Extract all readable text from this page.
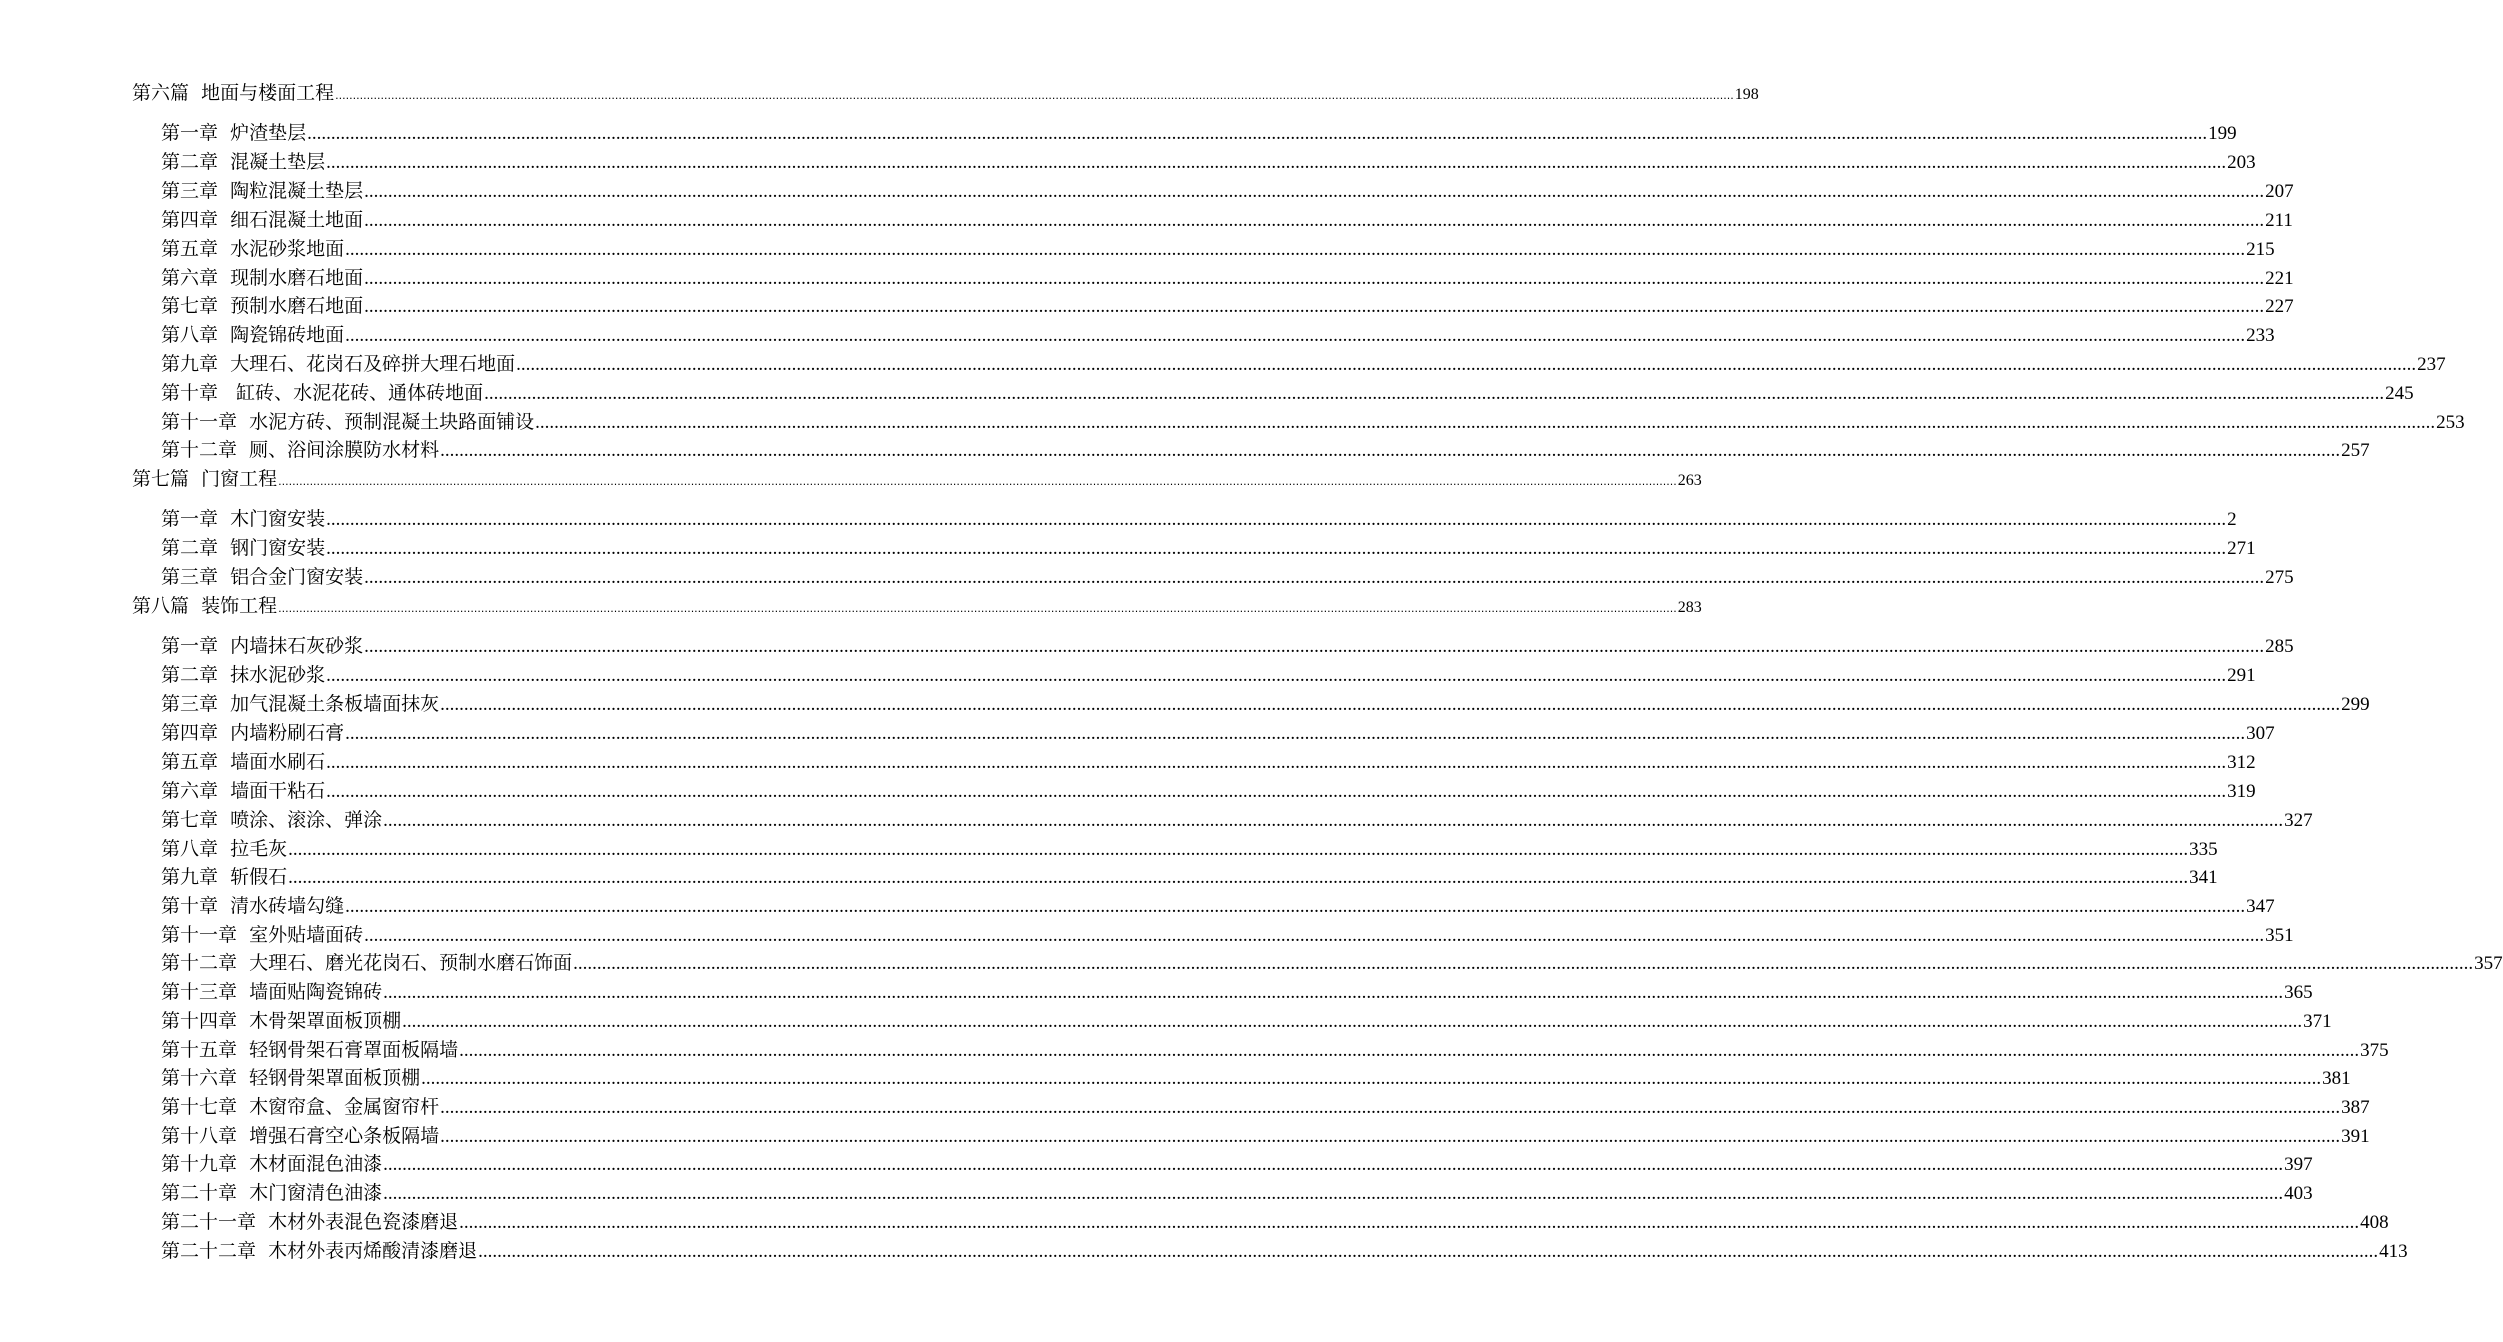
第六篇  地面与楼面工程 ................................................................................................................................................................................................................................................................................................................................................................................................................ 198
第一章  炉渣垫层 ................................................................................................................................................................................................................................................................................................................................................................................................................ 199
第二章  混凝土垫层 ................................................................................................................................................................................................................................................................................................................................................................................................................ 203
第三章  陶粒混凝土垫层 ................................................................................................................................................................................................................................................................................................................................................................................................................ 207
第四章  细石混凝土地面 ................................................................................................................................................................................................................................................................................................................................................................................................................ 211
第五章  水泥砂浆地面 ................................................................................................................................................................................................................................................................................................................................................................................................................ 215
第六章  现制水磨石地面 ................................................................................................................................................................................................................................................................................................................................................................................................................ 221
第七章  预制水磨石地面 ................................................................................................................................................................................................................................................................................................................................................................................................................ 227
第八章  陶瓷锦砖地面 ................................................................................................................................................................................................................................................................................................................................................................................................................ 233
第九章  大理石、花岗石及碎拼大理石地面 ................................................................................................................................................................................................................................................................................................................................................................................................................ 237
第十章   缸砖、水泥花砖、通体砖地面 ................................................................................................................................................................................................................................................................................................................................................................................................................ 245
第十一章  水泥方砖、预制混凝土块路面铺设 ................................................................................................................................................................................................................................................................................................................................................................................................................ 253
第十二章  厕、浴间涂膜防水材料 ................................................................................................................................................................................................................................................................................................................................................................................................................ 257
第七篇  门窗工程 ................................................................................................................................................................................................................................................................................................................................................................................................................ 263
第一章  木门窗安装 ................................................................................................................................................................................................................................................................................................................................................................................................................ 2
第二章  钢门窗安装 ................................................................................................................................................................................................................................................................................................................................................................................................................ 271
第三章  铝合金门窗安装 ................................................................................................................................................................................................................................................................................................................................................................................................................ 275
第八篇  装饰工程 ................................................................................................................................................................................................................................................................................................................................................................................................................ 283
第一章  内墙抹石灰砂浆 ................................................................................................................................................................................................................................................................................................................................................................................................................ 285
第二章  抹水泥砂浆 ................................................................................................................................................................................................................................................................................................................................................................................................................ 291
第三章  加气混凝土条板墙面抹灰 ................................................................................................................................................................................................................................................................................................................................................................................................................ 299
第四章  内墙粉刷石膏 ................................................................................................................................................................................................................................................................................................................................................................................................................ 307
第五章  墙面水刷石 ................................................................................................................................................................................................................................................................................................................................................................................................................ 312
第六章  墙面干粘石 ................................................................................................................................................................................................................................................................................................................................................................................................................ 319
第七章  喷涂、滚涂、弹涂 ................................................................................................................................................................................................................................................................................................................................................................................................................ 327
第八章  拉毛灰 ................................................................................................................................................................................................................................................................................................................................................................................................................ 335
第九章  斩假石 ................................................................................................................................................................................................................................................................................................................................................................................................................ 341
第十章  清水砖墙勾缝 ................................................................................................................................................................................................................................................................................................................................................................................................................ 347
第十一章  室外贴墙面砖 ................................................................................................................................................................................................................................................................................................................................................................................................................ 351
第十二章  大理石、磨光花岗石、预制水磨石饰面 ................................................................................................................................................................................................................................................................................................................................................................................................................ 357
第十三章  墙面贴陶瓷锦砖 ................................................................................................................................................................................................................................................................................................................................................................................................................ 365
第十四章  木骨架罩面板顶棚 ................................................................................................................................................................................................................................................................................................................................................................................................................ 371
第十五章  轻钢骨架石膏罩面板隔墙 ................................................................................................................................................................................................................................................................................................................................................................................................................ 375
第十六章  轻钢骨架罩面板顶棚 ................................................................................................................................................................................................................................................................................................................................................................................................................ 381
第十七章  木窗帘盒、金属窗帘杆 ................................................................................................................................................................................................................................................................................................................................................................................................................ 387
第十八章  增强石膏空心条板隔墙 ................................................................................................................................................................................................................................................................................................................................................................................................................ 391
第十九章  木材面混色油漆 ................................................................................................................................................................................................................................................................................................................................................................................................................ 397
第二十章  木门窗清色油漆 ................................................................................................................................................................................................................................................................................................................................................................................................................ 403
第二十一章  木材外表混色瓷漆磨退 ................................................................................................................................................................................................................................................................................................................................................................................................................ 408
第二十二章  木材外表丙烯酸清漆磨退 ................................................................................................................................................................................................................................................................................................................................................................................................................ 413
